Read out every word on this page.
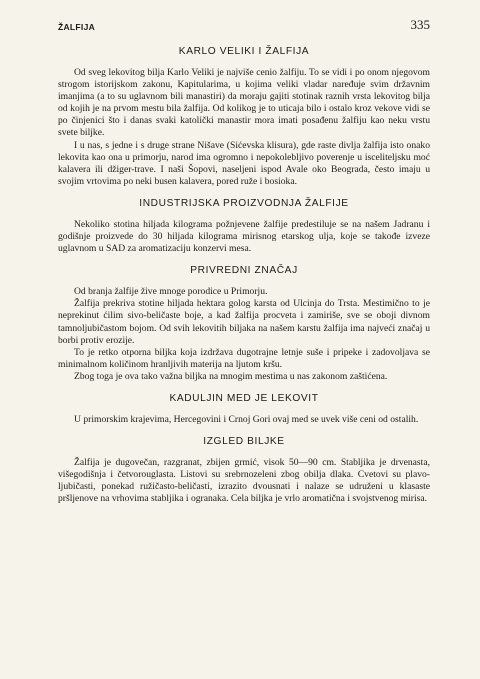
ŽALFIJA	335
KARLO VELIKI I ŽALFIJA

Od sveg lekovitog bilja Karlo Veliki je najviše cenio žalfiju. To se vidi i po onom njegovom strogom istorijskom zakonu, Kapitularima, u kojima veliki vladar naređuje svim državnim imanjima (a to su uglavnom bili manastiri) da moraju gajiti stotinak raznih vrsta lekovitog bilja od kojih je na prvom mestu bila žalfija. Od kolikog je to uticaja bilo i ostalo kroz vekove vidi se po činjenici što i danas svaki katolički manastir mora imati posađenu žalfiju kao neku vrstu svete biljke.

I u nas, s jedne i s druge strane Nišave (Sićevska klisura), gde raste divlja žalfija isto onako lekovita kao ona u primorju, narod ima ogromno i nepokolebljivo poverenje u isceliteljsku moć kalavera ili džiger-trave. I naši Šopovi, naseljeni ispod Avale oko Beograda, često imaju u svojim vrtovima po neki busen kalavera, pored ruže i bosioka.

INDUSTRIJSKA PROIZVODNJA ŽALFIJE

Nekoliko stotina hiljada kilograma požnjevene žalfije predestiluje se na našem Jadranu i godišnje proizvede do 30 hiljada kilograma mirisnog etarskog ulja, koje se takođe izveze uglavnom u SAD za aromatizaciju konzervi mesa.

PRIVREDNI ZNAČAJ

Od branja žalfije žive mnoge porodice u Primorju.

Žalfija prekriva stotine hiljada hektara golog karsta od Ulcinja do Trsta. Mestimično to je neprekinut ćilim sivo-beličaste boje, a kad žalfija procveta i zamiriše, sve se oboji divnom tamnoljubičastom bojom. Od svih lekovitih biljaka na našem karstu žalfija ima najveći značaj u borbi protiv erozije.

To je retko otporna biljka koja izdržava dugotrajne letnje suše i pripeke i zadovoljava se minimalnom količinom hranljivih materija na ljutom kršu.

Zbog toga je ova tako važna biljka na mnogim mestima u nas zakonom zaštićena.

KADULJIN MED JE LEKOVIT

U primorskim krajevima, Hercegovini i Crnoj Gori ovaj med se uvek više ceni od ostalih.

IZGLED BILJKE

Žalfija je dugovečan, razgranat, zbijen grmić, visok 50—90 cm. Stabljika je drvenasta, višegodišnja i četvorouglasta. Listovi su srebrnozeleni zbog obilja dlaka. Cvetovi su plavo-ljubičasti, ponekad ružičasto-beličasti, izrazito dvousnati i nalaze se udruženi u klasaste pršljenove na vrhovima stabljika i ogranaka. Cela biljka je vrlo aromatična i svojstvenog mirisa.
